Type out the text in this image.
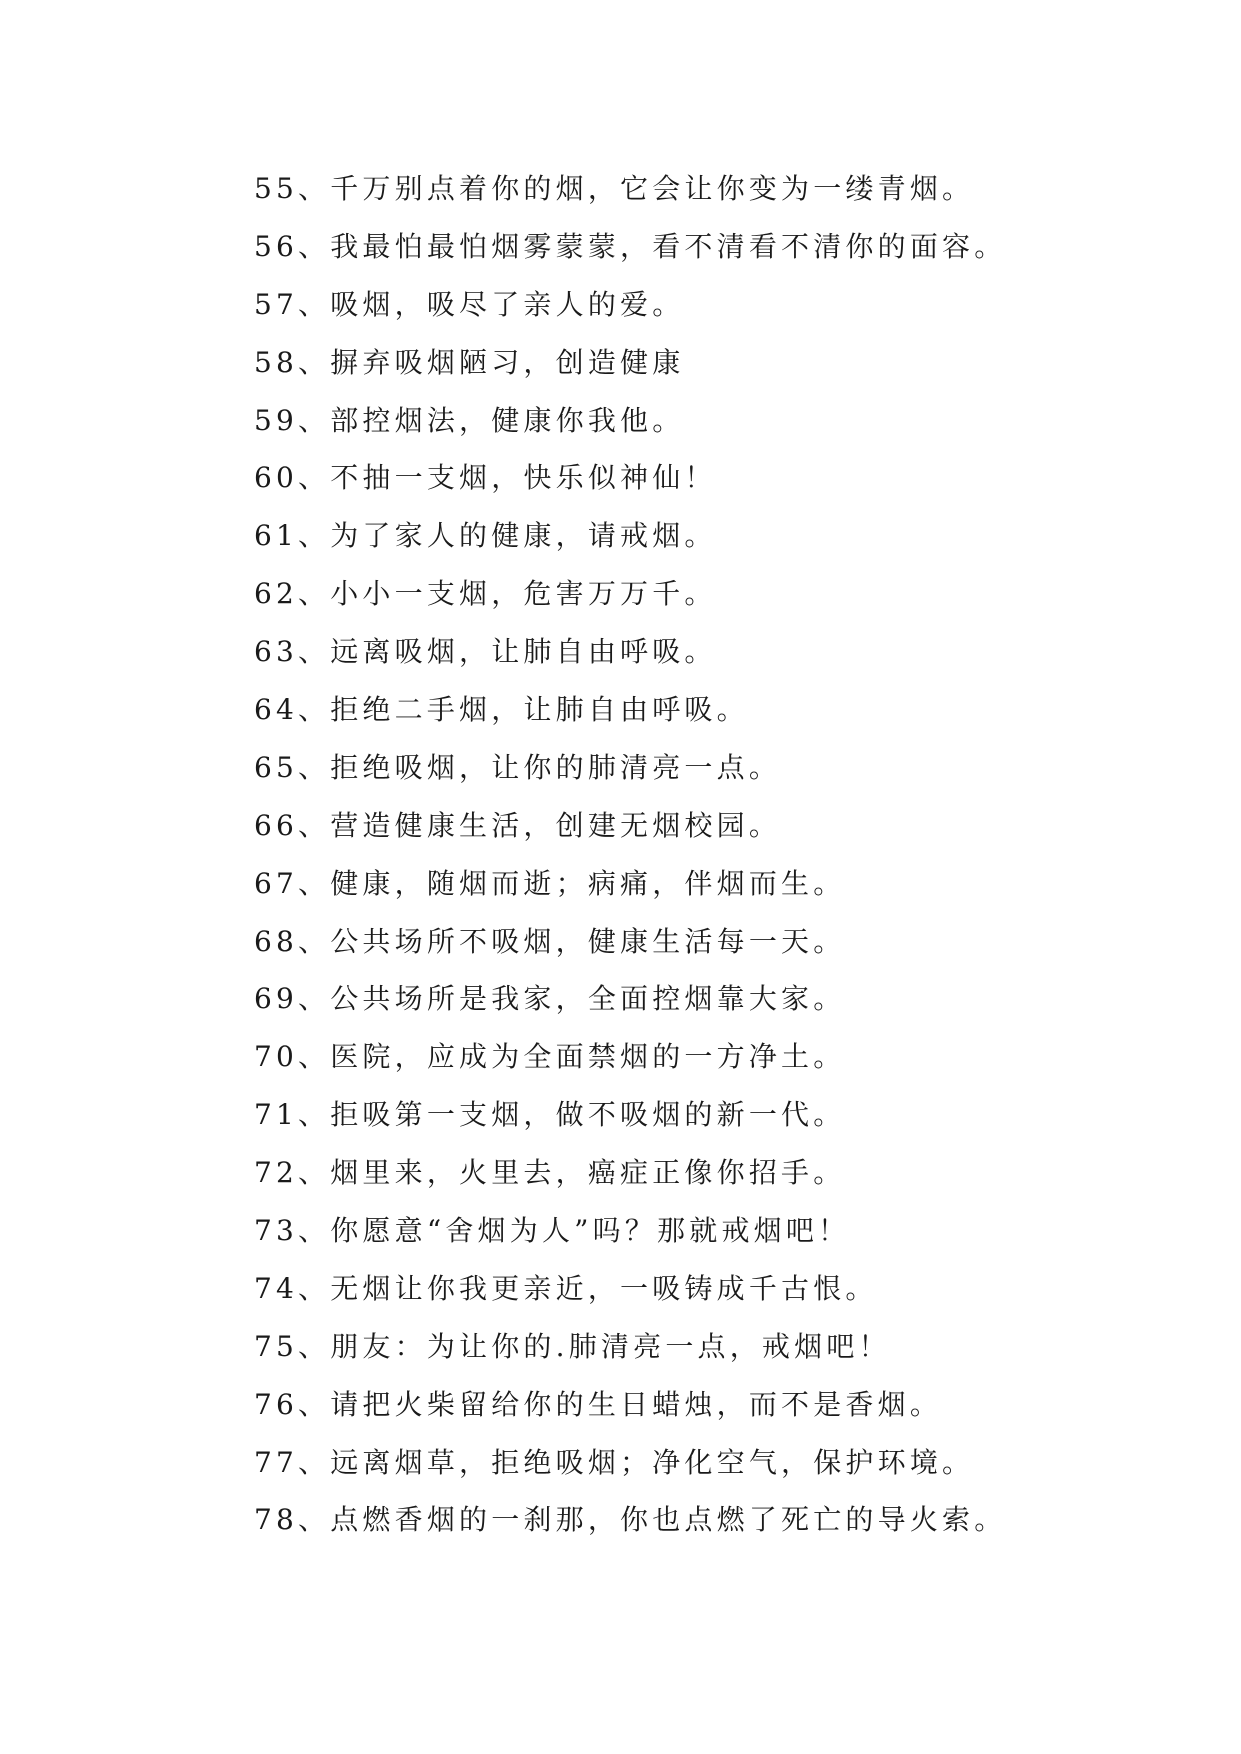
55、千万别点着你的烟，它会让你变为一缕青烟。
56、我最怕最怕烟雾蒙蒙，看不清看不清你的面容。
57、吸烟，吸尽了亲人的爱。
58、摒弃吸烟陋习，创造健康
59、部控烟法，健康你我他。
60、不抽一支烟，快乐似神仙！
61、为了家人的健康，请戒烟。
62、小小一支烟，危害万万千。
63、远离吸烟，让肺自由呼吸。
64、拒绝二手烟，让肺自由呼吸。
65、拒绝吸烟，让你的肺清亮一点。
66、营造健康生活，创建无烟校园。
67、健康，随烟而逝；病痛，伴烟而生。
68、公共场所不吸烟，健康生活每一天。
69、公共场所是我家，全面控烟靠大家。
70、医院，应成为全面禁烟的一方净土。
71、拒吸第一支烟，做不吸烟的新一代。
72、烟里来，火里去，癌症正像你招手。
73、你愿意“舍烟为人”吗？那就戒烟吧！
74、无烟让你我更亲近，一吸铸成千古恨。
75、朋友：为让你的.肺清亮一点，戒烟吧！
76、请把火柴留给你的生日蜡烛，而不是香烟。
77、远离烟草，拒绝吸烟；净化空气，保护环境。
78、点燃香烟的一刹那，你也点燃了死亡的导火索。
